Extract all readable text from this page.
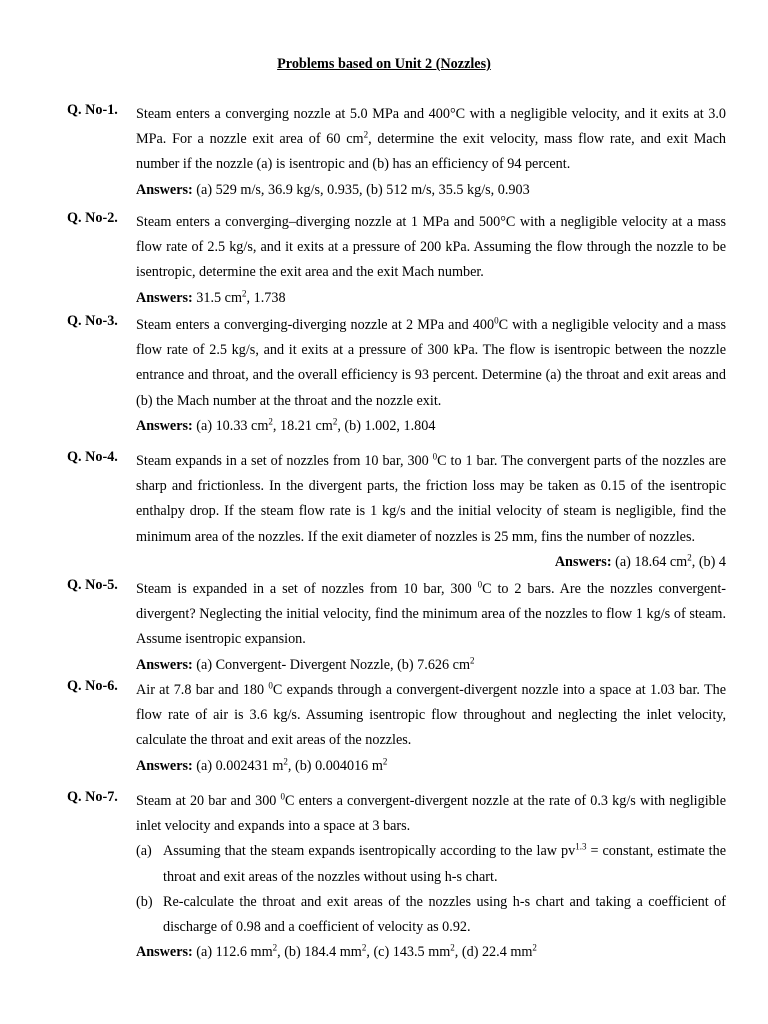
Problems based on Unit 2 (Nozzles)
Q. No-1. Steam enters a converging nozzle at 5.0 MPa and 400°C with a negligible velocity, and it exits at 3.0 MPa. For a nozzle exit area of 60 $cm^2$, determine the exit velocity, mass flow rate, and exit Mach number if the nozzle (a) is isentropic and (b) has an efficiency of 94 percent.
Answers: (a) 529 m/s, 36.9 kg/s, 0.935, (b) 512 m/s, 35.5 kg/s, 0.903
Q. No-2. Steam enters a converging–diverging nozzle at 1 MPa and 500°C with a negligible velocity at a mass flow rate of 2.5 kg/s, and it exits at a pressure of 200 kPa. Assuming the flow through the nozzle to be isentropic, determine the exit area and the exit Mach number.
Answers: 31.5 $cm^2$, 1.738
Q. No-3. Steam enters a converging-diverging nozzle at 2 MPa and $400^0C$ with a negligible velocity and a mass flow rate of 2.5 kg/s, and it exits at a pressure of 300 kPa. The flow is isentropic between the nozzle entrance and throat, and the overall efficiency is 93 percent. Determine (a) the throat and exit areas and (b) the Mach number at the throat and the nozzle exit.
Answers: (a) 10.33 $cm^2$, 18.21 $cm^2$, (b) 1.002, 1.804
Q. No-4. Steam expands in a set of nozzles from 10 bar, 300 $^0$C to 1 bar. The convergent parts of the nozzles are sharp and frictionless. In the divergent parts, the friction loss may be taken as 0.15 of the isentropic enthalpy drop. If the steam flow rate is 1 kg/s and the initial velocity of steam is negligible, find the minimum area of the nozzles. If the exit diameter of nozzles is 25 mm, fins the number of nozzles.
Answers: (a) 18.64 $cm^2$, (b) 4
Q. No-5. Steam is expanded in a set of nozzles from 10 bar, 300 $^0$C to 2 bars. Are the nozzles convergent-divergent? Neglecting the initial velocity, find the minimum area of the nozzles to flow 1 kg/s of steam. Assume isentropic expansion.
Answers: (a) Convergent- Divergent Nozzle, (b) 7.626 $cm^2$
Q. No-6. Air at 7.8 bar and 180 $^0$C expands through a convergent-divergent nozzle into a space at 1.03 bar. The flow rate of air is 3.6 kg/s. Assuming isentropic flow throughout and neglecting the inlet velocity, calculate the throat and exit areas of the nozzles.
Answers: (a) 0.002431 $m^2$, (b) 0.004016 $m^2$
Q. No-7. Steam at 20 bar and 300 $^0$C enters a convergent-divergent nozzle at the rate of 0.3 kg/s with negligible inlet velocity and expands into a space at 3 bars.
(a) Assuming that the steam expands isentropically according to the law $pv^{1.3}$ = constant, estimate the throat and exit areas of the nozzles without using h-s chart.
(b) Re-calculate the throat and exit areas of the nozzles using h-s chart and taking a coefficient of discharge of 0.98 and a coefficient of velocity as 0.92.
Answers: (a) 112.6 $mm^2$, (b) 184.4 $mm^2$, (c) 143.5 $mm^2$, (d) 22.4 $mm^2$
